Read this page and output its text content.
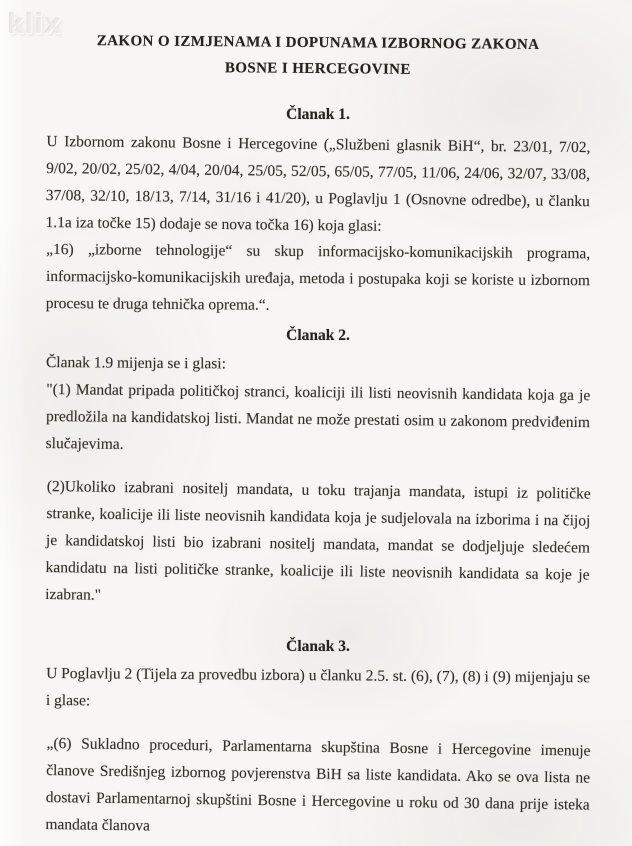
klix
ZAKON O IZMJENAMA I DOPUNAMA IZBORNOG ZAKONA
BOSNE I HERCEGOVINE
Članak 1.

U Izbornom zakonu Bosne i Hercegovine („Službeni glasnik BiH“, br. 23/01, 7/02, 9/02, 20/02, 25/02, 4/04, 20/04, 25/05, 52/05, 65/05, 77/05, 11/06, 24/06, 32/07, 33/08, 37/08, 32/10, 18/13, 7/14, 31/16 i 41/20), u Poglavlju 1 (Osnovne odredbe), u članku 1.1a iza točke 15) dodaje se nova točka 16) koja glasi:

„16) „izborne tehnologije“ su skup informacijsko-komunikacijskih programa, informacijsko-komunikacijskih uređaja, metoda i postupaka koji se koriste u izbornom procesu te druga tehnička oprema.“.

Članak 2.

Članak 1.9 mijenja se i glasi:

"(1) Mandat pripada političkoj stranci, koaliciji ili listi neovisnih kandidata koja ga je predložila na kandidatskoj listi. Mandat ne može prestati osim u zakonom predviđenim slučajevima.

(2)Ukoliko izabrani nositelj mandata, u toku trajanja mandata, istupi iz političke stranke, koalicije ili liste neovisnih kandidata koja je sudjelovala na izborima i na čijoj je kandidatskoj listi bio izabrani nositelj mandata, mandat se dodjeljuje sledećem kandidatu na listi političke stranke, koalicije ili liste neovisnih kandidata sa koje je izabran."

Članak 3.

U Poglavlju 2 (Tijela za provedbu izbora) u članku 2.5. st. (6), (7), (8) i (9) mijenjaju se i glase:

„(6) Sukladno proceduri, Parlamentarna skupština Bosne i Hercegovine imenuje članove Središnjeg izbornog povjerenstva BiH sa liste kandidata. Ako se ova lista ne dostavi Parlamentarnoj skupštini Bosne i Hercegovine u roku od 30 dana prije isteka mandata članova
